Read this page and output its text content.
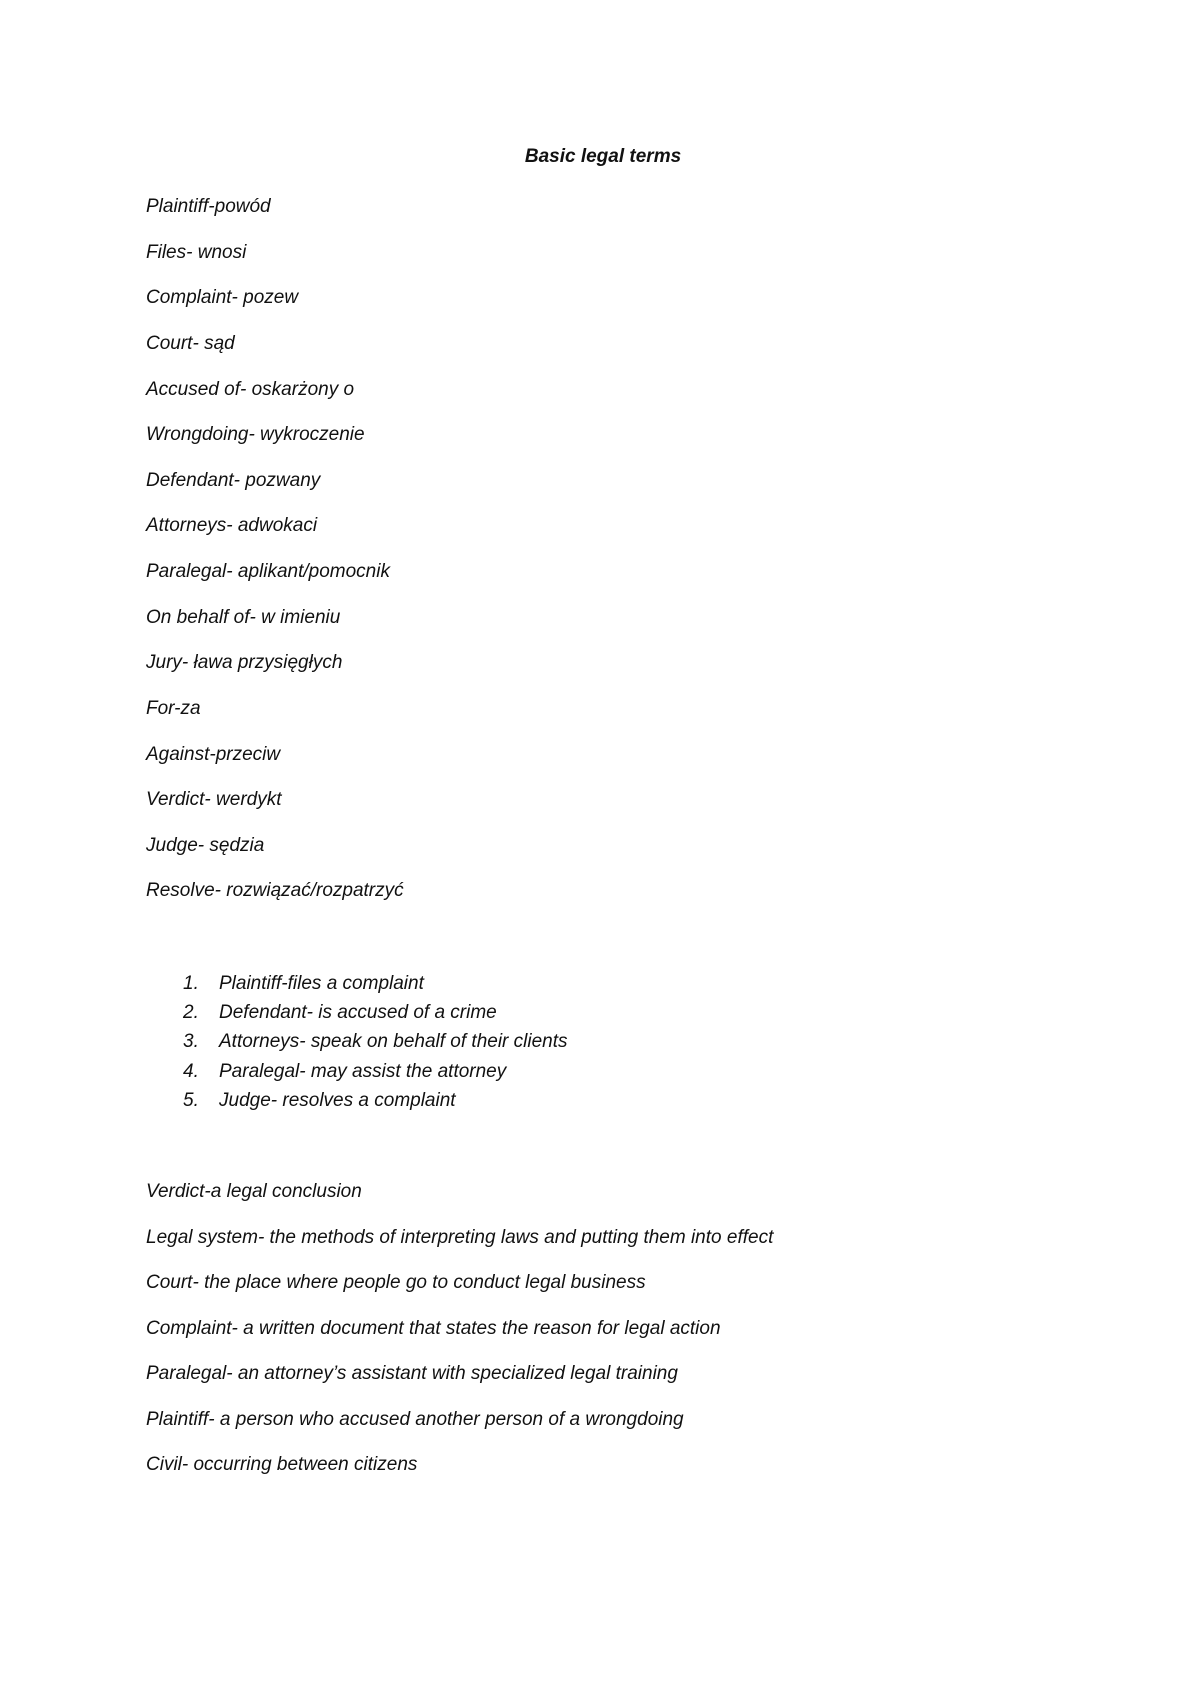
Basic legal terms
Plaintiff-powód
Files- wnosi
Complaint- pozew
Court- sąd
Accused of- oskarżony o
Wrongdoing- wykroczenie
Defendant- pozwany
Attorneys- adwokaci
Paralegal- aplikant/pomocnik
On behalf of- w imieniu
Jury- ława przysięgłych
For-za
Against-przeciw
Verdict- werdykt
Judge- sędzia
Resolve- rozwiązać/rozpatrzyć
1. Plaintiff-files a complaint
2. Defendant- is accused of a crime
3. Attorneys- speak on behalf of their clients
4. Paralegal- may assist the attorney
5. Judge- resolves a complaint
Verdict-a legal conclusion
Legal system- the methods of interpreting laws and putting them into effect
Court- the place where people go to conduct legal business
Complaint- a written document that states the reason for legal action
Paralegal- an attorney’s assistant with specialized legal training
Plaintiff- a person who accused another person of a wrongdoing
Civil- occurring between citizens
